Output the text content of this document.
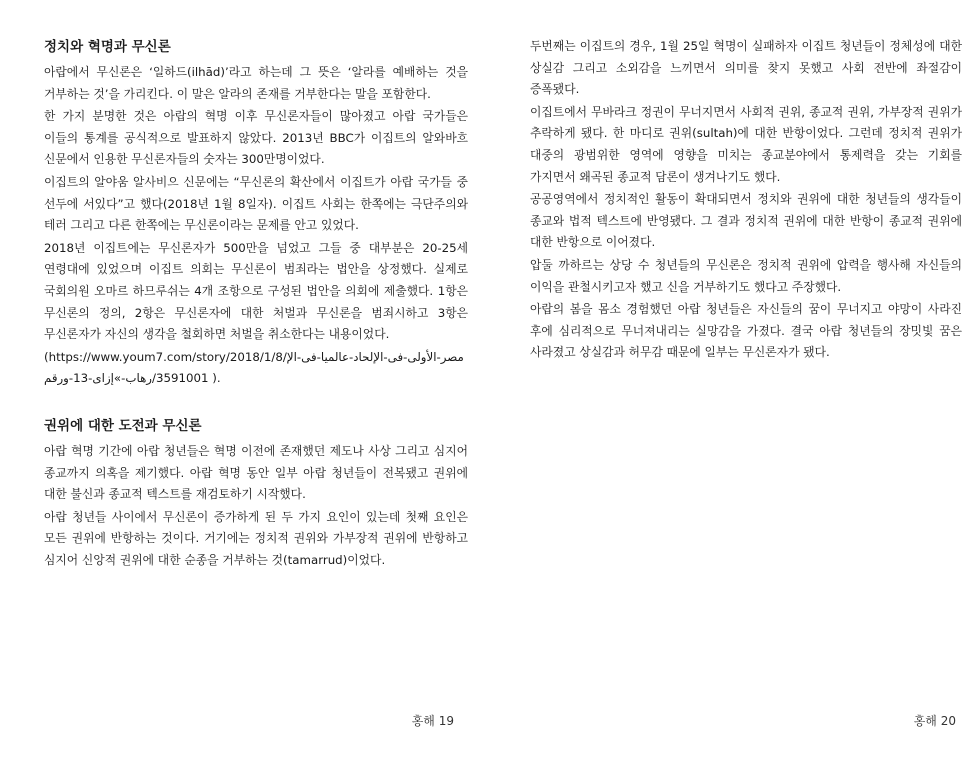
정치와 혁명과 무신론

아랍에서 무신론은 ‘일하드(ilhād)’라고 하는데 그 뜻은 ‘알라를 예배하는 것을 거부하는 것’을 가리킨다. 이 말은 알라의 존재를 거부한다는 말을 포함한다.

한 가지 분명한 것은 아랍의 혁명 이후 무신론자들이 많아졌고 아랍 국가들은 이들의 통계를 공식적으로 발표하지 않았다. 2013년 BBC가 이집트의 알와바흐 신문에서 인용한 무신론자들의 숫자는 300만명이었다.

이집트의 알야움 알사비으 신문에는 “무신론의 확산에서 이집트가 아랍 국가들 중 선두에 서있다”고 했다(2018년 1월 8일자). 이집트 사회는 한쪽에는 극단주의와 테러 그리고 다른 한쪽에는 무신론이라는 문제를 안고 있었다.

2018년 이집트에는 무신론자가 500만을 넘었고 그들 중 대부분은 20-25세 연령대에 있었으며 이집트 의회는 무신론이 범죄라는 법안을 상정했다. 실제로 국회의원 오마르 하므루쉬는 4개 조항으로 구성된 법안을 의회에 제출했다. 1항은 무신론의 정의, 2항은 무신론자에 대한 처벌과 무신론을 범죄시하고 3항은 무신론자가 자신의 생각을 철회하면 처벌을 취소한다는 내용이었다.

(https://www.youm7.com/story/2018/1/8/مصر-الأولى-فى-الإلحاد-عالميا-فى-الإرهاب-»إزاى-13-ورقم/3591001 ).

권위에 대한 도전과 무신론

아랍 혁명 기간에 아랍 청년들은 혁명 이전에 존재했던 제도나 사상 그리고 심지어 종교까지 의혹을 제기했다. 아랍 혁명 동안 일부 아랍 청년들이 전복됐고 권위에 대한 불신과 종교적 텍스트를 재검토하기 시작했다.

아랍 청년들 사이에서 무신론이 증가하게 된 두 가지 요인이 있는데 첫째 요인은 모든 권위에 반항하는 것이다. 거기에는 정치적 권위와 가부장적 권위에 반항하고 심지어 신앙적 권위에 대한 순종을 거부하는 것(tamarrud)이었다.

홍해 19

두번째는 이집트의 경우, 1월 25일 혁명이 실패하자 이집트 청년들이 정체성에 대한 상실감 그리고 소외감을 느끼면서 의미를 찾지 못했고 사회 전반에 좌절감이 증폭됐다.

이집트에서 무바라크 정권이 무너지면서 사회적 권위, 종교적 권위, 가부장적 권위가 추락하게 됐다. 한 마디로 권위(sultah)에 대한 반항이었다. 그런데 정치적 권위가 대중의 광범위한 영역에 영향을 미치는 종교분야에서 통제력을 갖는 기회를 가지면서 왜곡된 종교적 담론이 생겨나기도 했다.

공공영역에서 정치적인 활동이 확대되면서 정치와 권위에 대한 청년들의 생각들이 종교와 법적 텍스트에 반영됐다. 그 결과 정치적 권위에 대한 반항이 종교적 권위에 대한 반항으로 이어졌다.

압둘 까하르는 상당 수 청년들의 무신론은 정치적 권위에 압력을 행사해 자신들의 이익을 관철시키고자 했고 신을 거부하기도 했다고 주장했다.

아랍의 봄을 몸소 경험했던 아랍 청년들은 자신들의 꿈이 무너지고 야망이 사라진 후에 심리적으로 무너져내리는 실망감을 가졌다. 결국 아랍 청년들의 장밋빛 꿈은 사라졌고 상실감과 허무감 때문에 일부는 무신론자가 됐다.

홍해 20
